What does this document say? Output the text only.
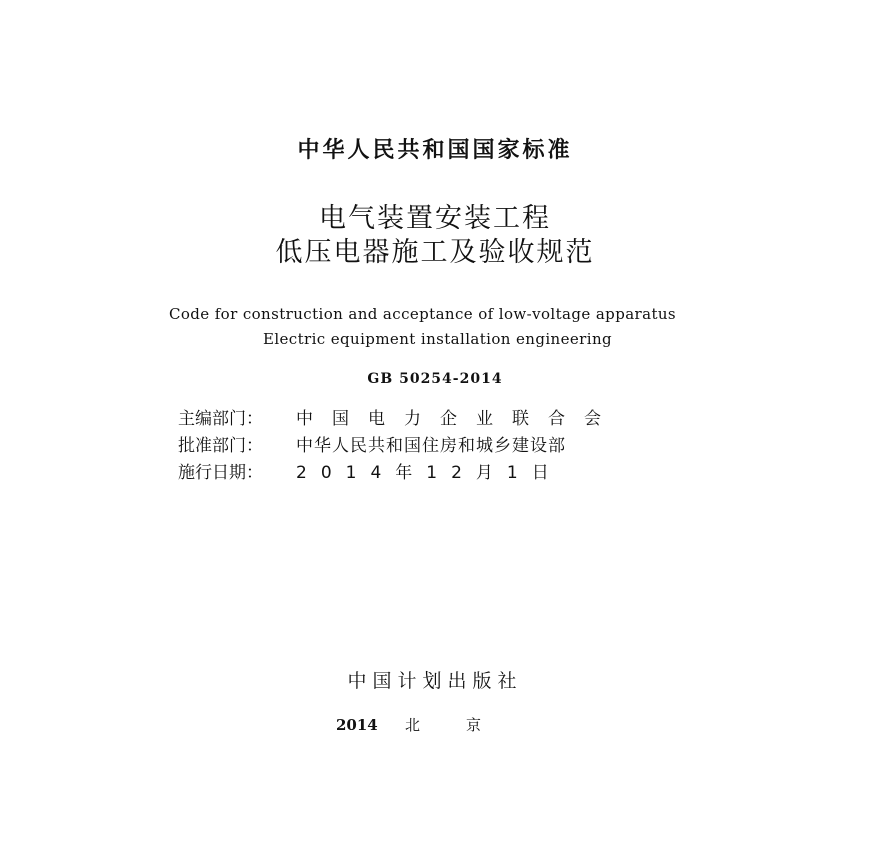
中华人民共和国国家标准
电气装置安装工程
低压电器施工及验收规范
Code for construction and acceptance of low-voltage apparatus
Electric equipment installation engineering
GB 50254-2014
主编部门：	中国电力企业联合会
批准部门：	中华人民共和国住房和城乡建设部
施行日期：	2014年12月1日
中国计划出版社
2014 北京
